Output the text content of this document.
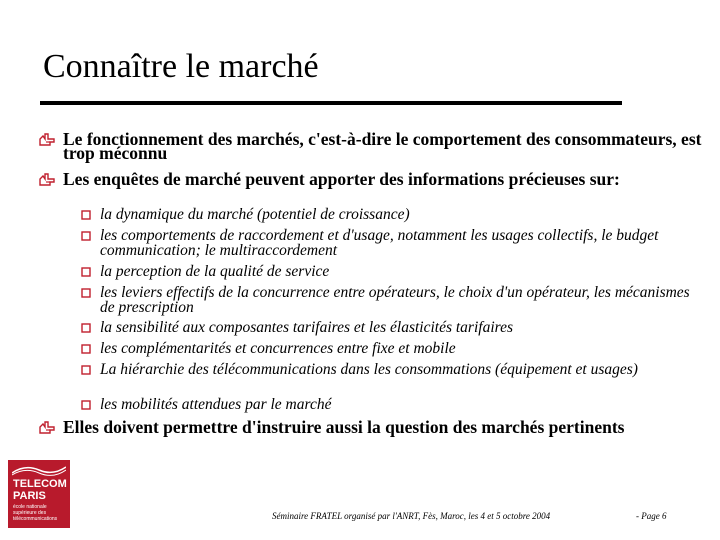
Connaître le marché
Le fonctionnement des marchés, c'est-à-dire le comportement des consommateurs, est trop méconnu
Les enquêtes de marché peuvent apporter des informations précieuses sur:
la dynamique du marché (potentiel de croissance)
les comportements de raccordement et d'usage, notamment les usages collectifs, le budget communication; le multiraccordement
la perception de la qualité de service
les leviers effectifs de la concurrence entre opérateurs, le choix d'un opérateur, les mécanismes de prescription
la sensibilité aux composantes tarifaires et les élasticités tarifaires
les complémentarités et concurrences entre fixe et mobile
La hiérarchie des télécommunications dans les consommations (équipement et usages)
les mobilités attendues par le marché
Elles doivent permettre d'instruire aussi la question des marchés pertinents
TELECOM
PARIS
école nationale
supérieure des
télécommunications	Séminaire FRATEL organisé par l'ANRT, Fès, Maroc, les 4 et 5 octobre 2004	- Page 6
